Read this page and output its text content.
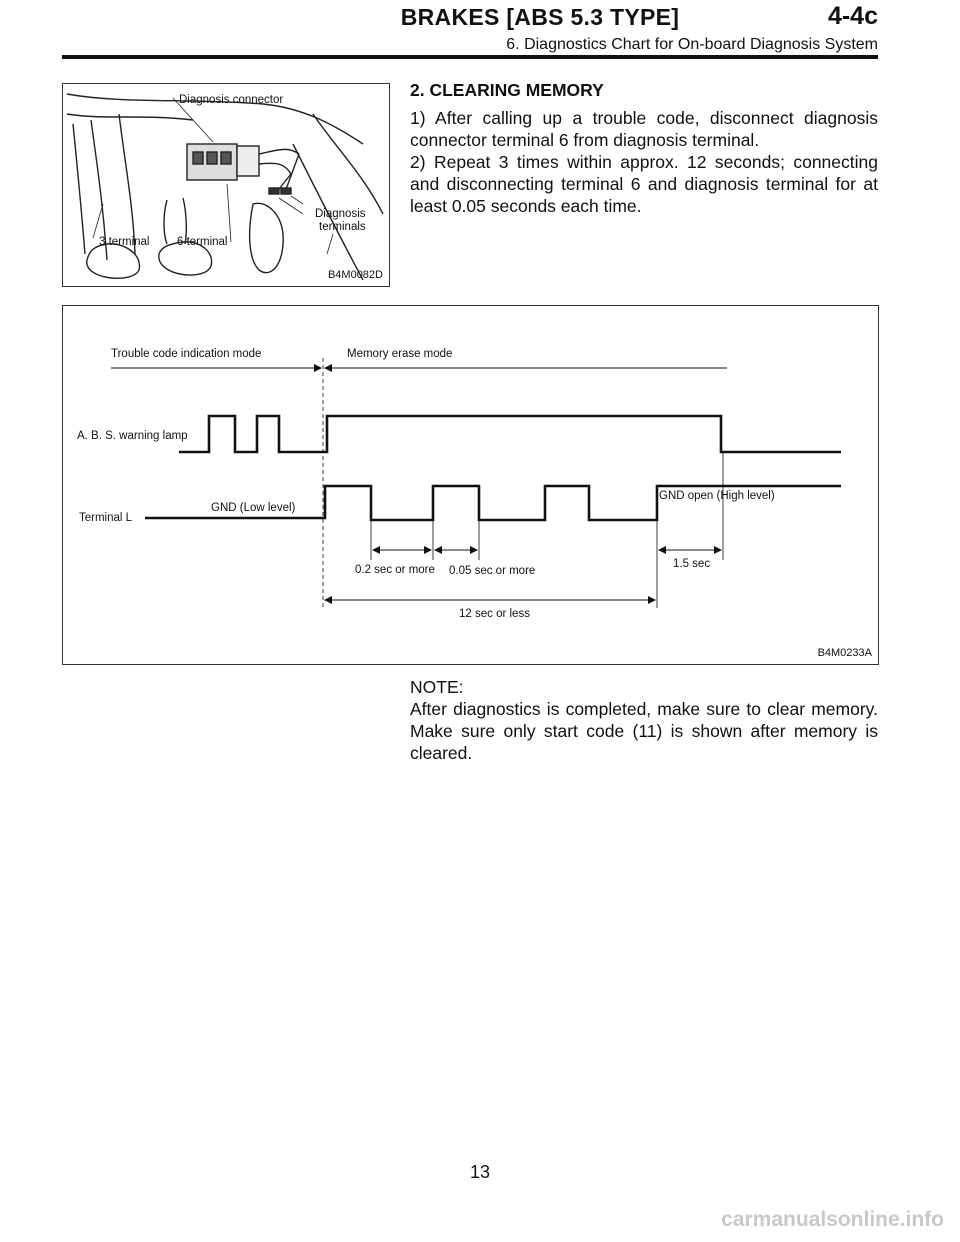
BRAKES [ABS 5.3 TYPE]	4-4c
6. Diagnostics Chart for On-board Diagnosis System
Diagnosis connector
Diagnosis
terminals
3 terminal 6 terminal
B4M0082D
2. CLEARING MEMORY
1) After calling up a trouble code, disconnect diagnosis connector terminal 6 from diagnosis terminal.
2) Repeat 3 times within approx. 12 seconds; connecting and disconnecting terminal 6 and diagnosis terminal for at least 0.05 seconds each time.
Trouble code indication mode	Memory erase mode
A. B. S. warning lamp
Terminal L
GND (Low level)
GND open (High level)
0.2 sec or more 0.05 sec or more
1.5 sec
12 sec or less
B4M0233A
NOTE:
After diagnostics is completed, make sure to clear memory. Make sure only start code (11) is shown after memory is cleared.
13
carmanualsonline.info
